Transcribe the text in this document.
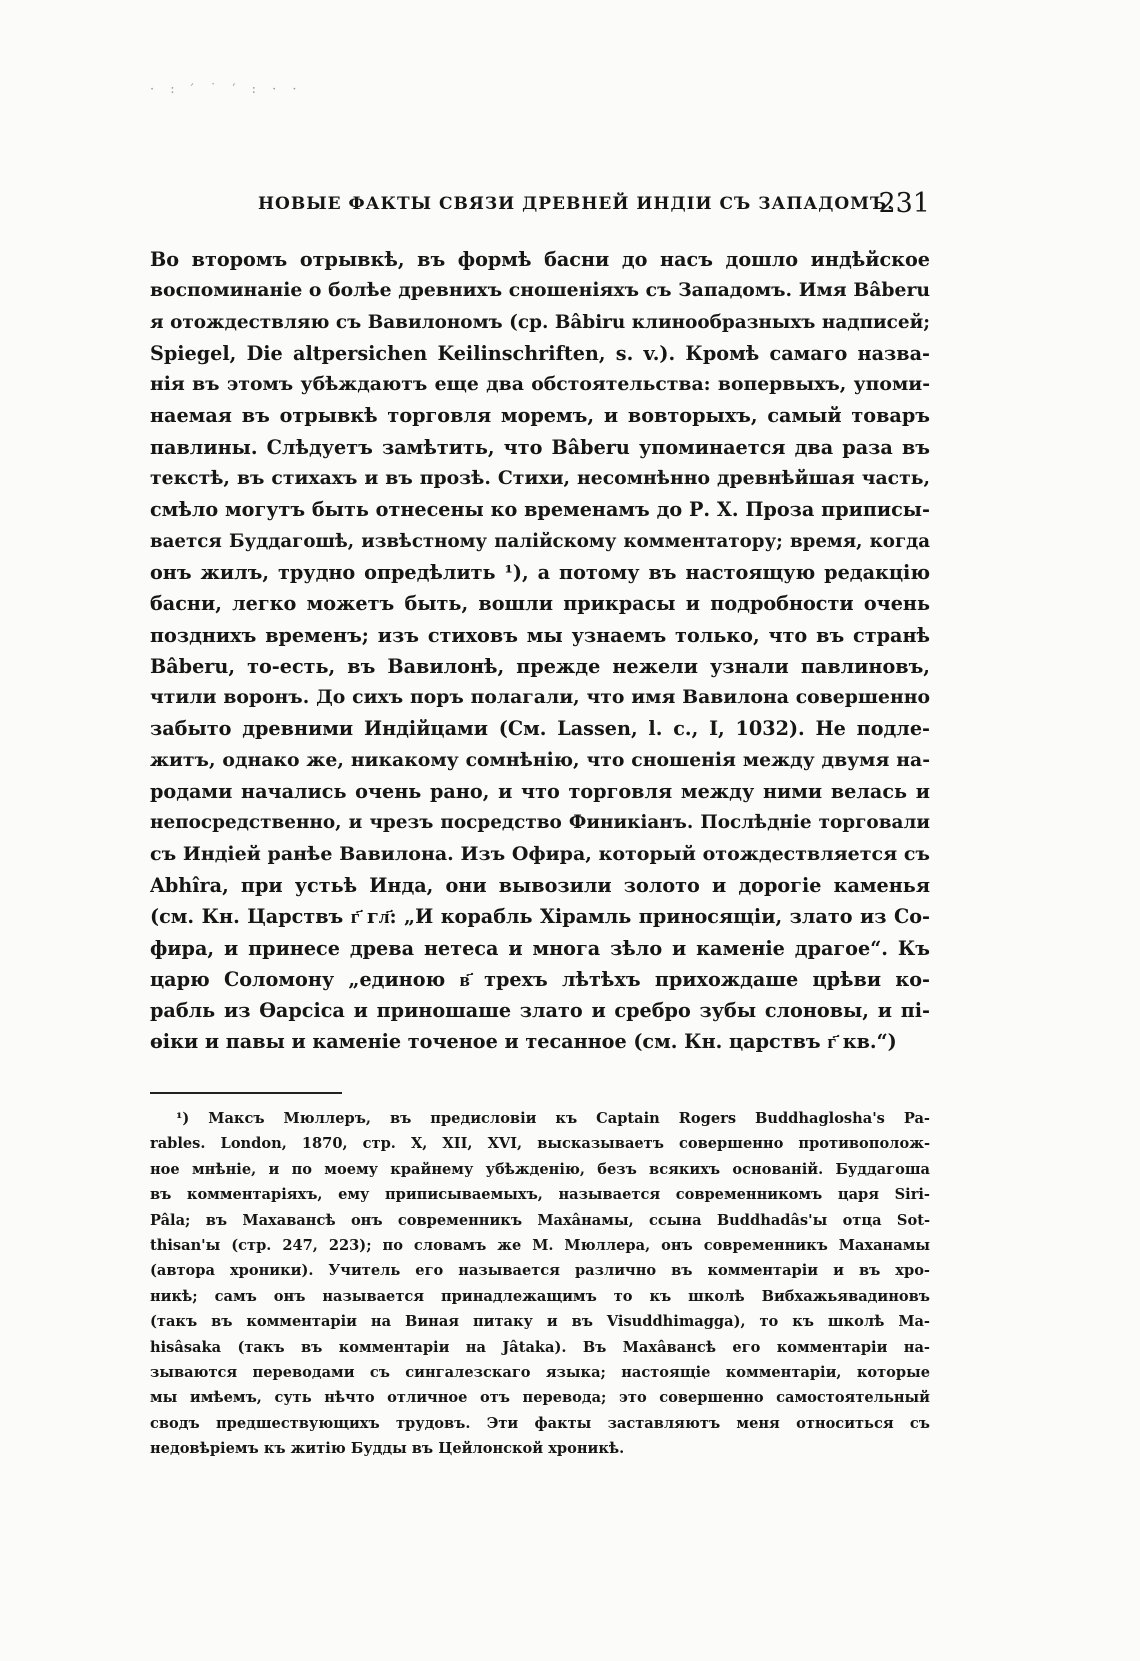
· : ′ ˙ ′ : · ·
НОВЫЕ ФАКТЫ СВЯЗИ ДРЕВНЕЙ ИНДІИ СЪ ЗАПАДОМЪ.
231
Во второмъ отрывкѣ, въ формѣ басни до насъ дошло индѣйское
воспоминаніе о болѣе древнихъ сношеніяхъ съ Западомъ. Имя Bâberu
я отождествляю съ Вавилономъ (ср. Bâbiru клинообразныхъ надписей;
Spiegel, Die altpersichen Keilinschriften, s. v.). Кромѣ самаго назва-
нія въ этомъ убѣждаютъ еще два обстоятельства: вопервыхъ, упоми-
наемая въ отрывкѣ торговля моремъ, и вовторыхъ, самый товаръ
павлины. Слѣдуетъ замѣтить, что Bâberu упоминается два раза въ
текстѣ, въ стихахъ и въ прозѣ. Стихи, несомнѣнно древнѣйшая часть,
смѣло могутъ быть отнесены ко временамъ до Р. Х. Проза приписы-
вается Буддагошѣ, извѣстному палійскому комментатору; время, когда
онъ жилъ, трудно опредѣлить ¹), а потому въ настоящую редакцію
басни, легко можетъ быть, вошли прикрасы и подробности очень
позднихъ временъ; изъ стиховъ мы узнаемъ только, что въ странѣ
Bâberu, то-есть, въ Вавилонѣ, прежде нежели узнали павлиновъ,
чтили воронъ. До сихъ поръ полагали, что имя Вавилона совершенно
забыто древними Индійцами (См. Lassen, l. c., I, 1032). Не подле-
житъ, однако же, никакому сомнѣнію, что сношенія между двумя на-
родами начались очень рано, и что торговля между ними велась и
непосредственно, и чрезъ посредство Финикіанъ. Послѣдніе торговали
съ Индіей ранѣе Вавилона. Изъ Офира, который отождествляется съ
Abhîra, при устьѣ Инда, они вывозили золото и дорогіе каменья
(см. Кн. Царствъ г҃ гл҃: „И корабль Хірамль приносящіи, злато из Со-
фира, и принесе древа нетеса и многа зѣло и каменіе драгое“. Къ
царю Соломону „единою в҃ трехъ лѣтѣхъ прихождаше црѣви ко-
рабль из Өарсіса и приношаше злато и сребро зубы слоновы, и пі-
өіки и павы и каменіе точеное и тесанное (см. Кн. царствъ г҃ кв.“)
¹) Максъ Мюллеръ, въ предисловіи къ Captain Rogers Buddhaglosha's Pa-
rables. London, 1870, стр. X, XII, XVI, высказываетъ совершенно противополож-
ное мнѣніе, и по моему крайнему убѣжденію, безъ всякихъ основаній. Буддагоша
въ комментаріяхъ, ему приписываемыхъ, называется современникомъ царя Siri-
Pâla; въ Махавансѣ онъ современникъ Махâнамы, ссына Buddhadâs'ы отца Sot-
thisan'ы (стр. 247, 223); по словамъ же М. Мюллера, онъ современникъ Маханамы
(автора хроники). Учитель его называется различно въ комментаріи и въ хро-
никѣ; самъ онъ называется принадлежащимъ то къ школѣ Вибхажьявадиновъ
(такъ въ комментаріи на Винaя питаку и въ Visuddhimagga), то къ школѣ Ма-
hisâsaka (такъ въ комментаріи на Jâtaka). Въ Махâвансѣ его комментаріи на-
зываются переводами съ сингалезскаго языка; настоящіе комментаріи, которые
мы имѣемъ, суть нѣчто отличное отъ перевода; это совершенно самостоятельный
сводъ предшествующихъ трудовъ. Эти факты заставляютъ меня относиться съ
недовѣріемъ къ житію Будды въ Цейлонской хроникѣ.
